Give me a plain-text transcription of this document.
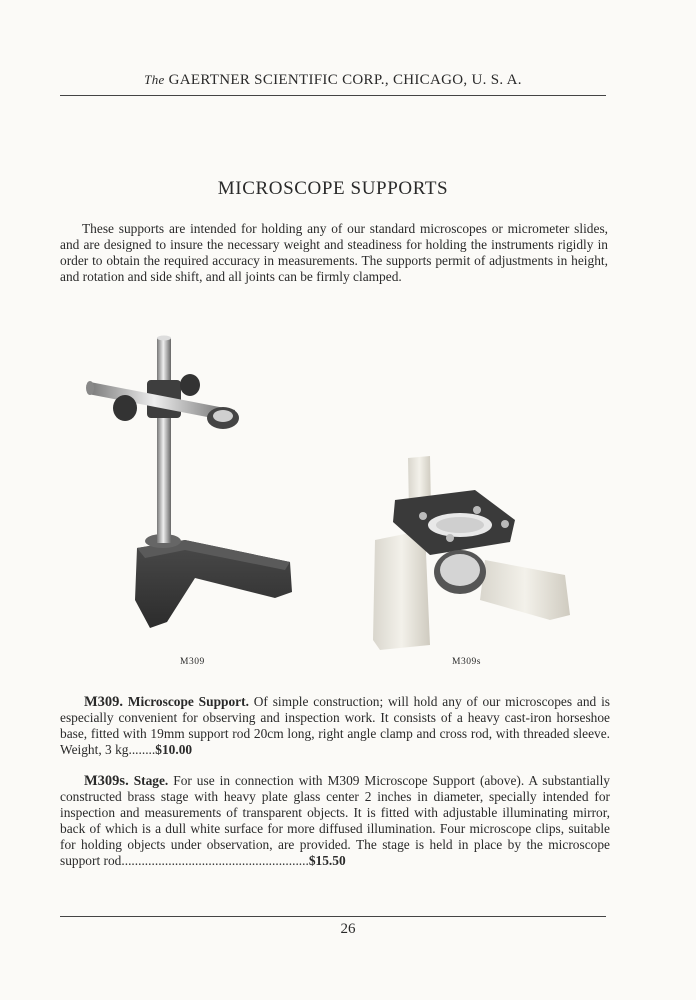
The GAERTNER SCIENTIFIC CORP., CHICAGO, U. S. A.
MICROSCOPE SUPPORTS
These supports are intended for holding any of our standard microscopes or micrometer slides, and are designed to insure the necessary weight and steadiness for holding the instruments rigidly in order to obtain the required accuracy in measurements. The supports permit of adjustments in height, and rotation and side shift, and all joints can be firmly clamped.
M309	M309s
M309. Microscope Support. Of simple construction; will hold any of our microscopes and is especially convenient for observing and inspection work. It consists of a heavy cast-iron horseshoe base, fitted with 19mm support rod 20cm long, right angle clamp and cross rod, with threaded sleeve. Weight, 3 kg........$10.00
M309s. Stage. For use in connection with M309 Microscope Support (above). A substantially constructed brass stage with heavy plate glass center 2 inches in diameter, specially intended for inspection and measurements of transparent objects. It is fitted with adjustable illuminating mirror, back of which is a dull white surface for more diffused illumination. Four microscope clips, suitable for holding objects under observation, are provided. The stage is held in place by the microscope support rod........................................................$15.50
26
